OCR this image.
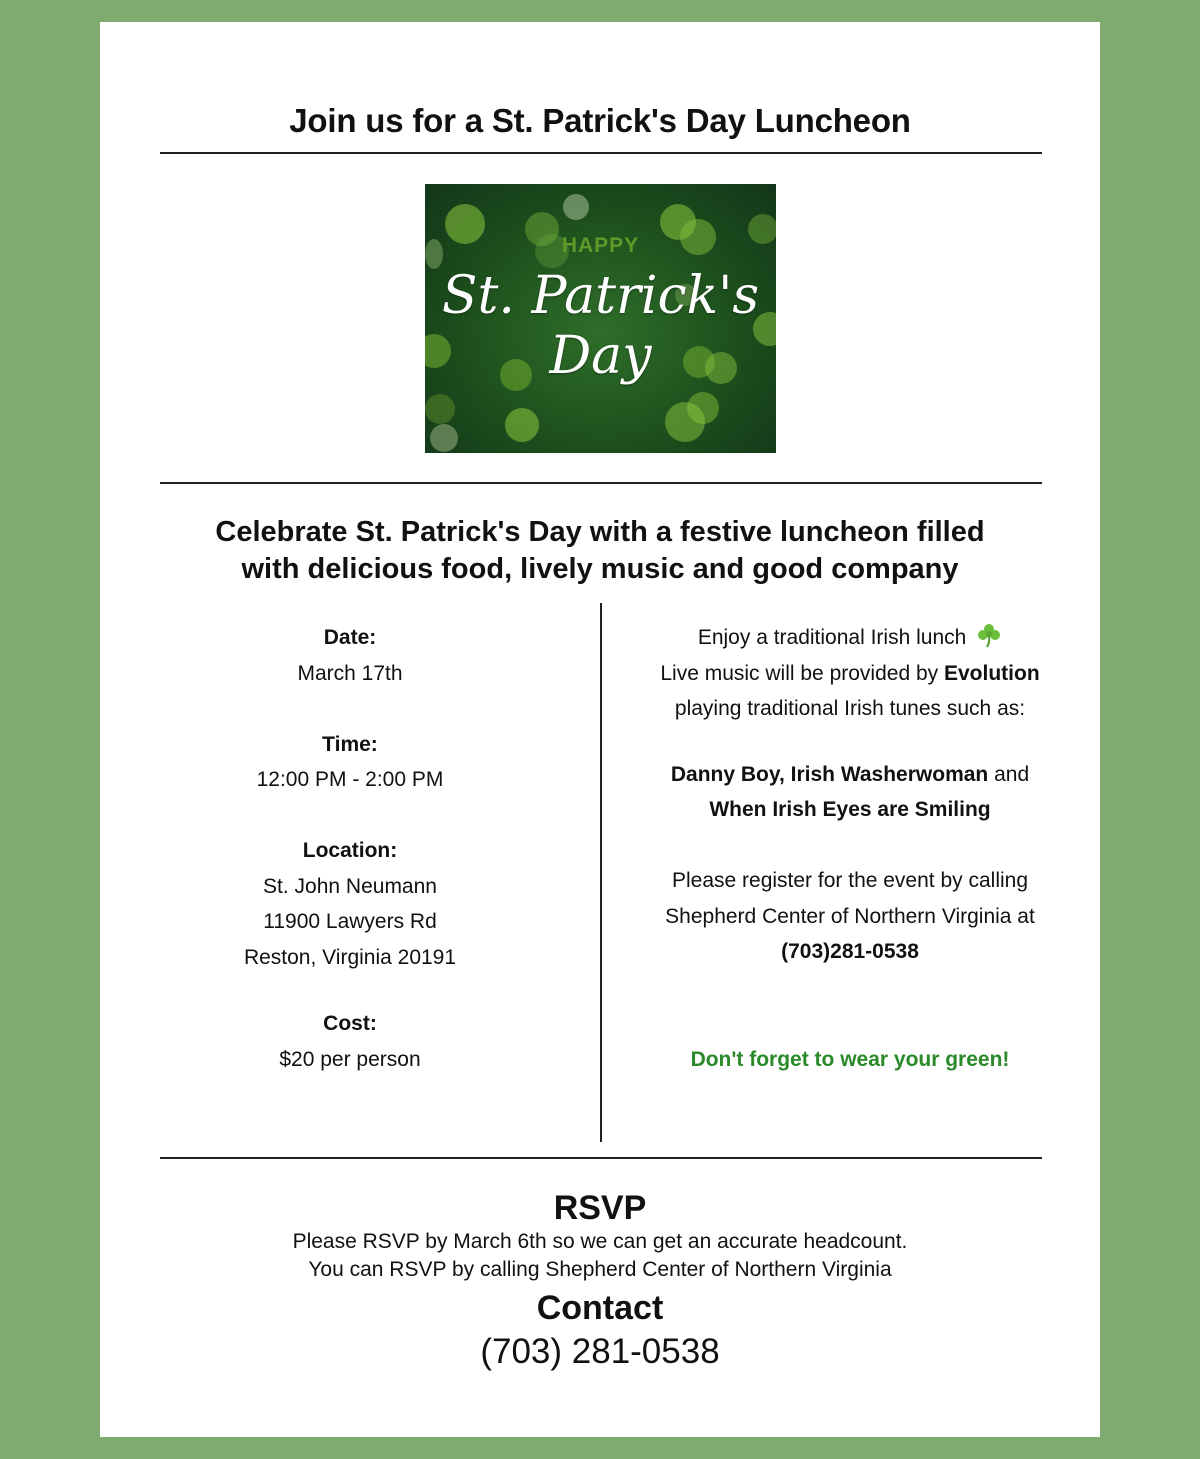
Join us for a St. Patrick's Day Luncheon
HAPPY
St. Patrick's
Day
Celebrate St. Patrick's Day with a festive luncheon filled
with delicious food, lively music and good company
Date:
March 17th
Time:
12:00 PM - 2:00 PM
Location:
St. John Neumann
11900 Lawyers Rd
Reston, Virginia 20191
Cost:
$20 per person
Enjoy a traditional Irish lunch
Live music will be provided by Evolution
playing traditional Irish tunes such as:
Danny Boy, Irish Washerwoman and
When Irish Eyes are Smiling
Please register for the event by calling
Shepherd Center of Northern Virginia at
(703)281-0538
Don't forget to wear your green!
RSVP
Please RSVP by March 6th so we can get an accurate headcount.
You can RSVP by calling Shepherd Center of Northern Virginia
Contact
(703) 281-0538
